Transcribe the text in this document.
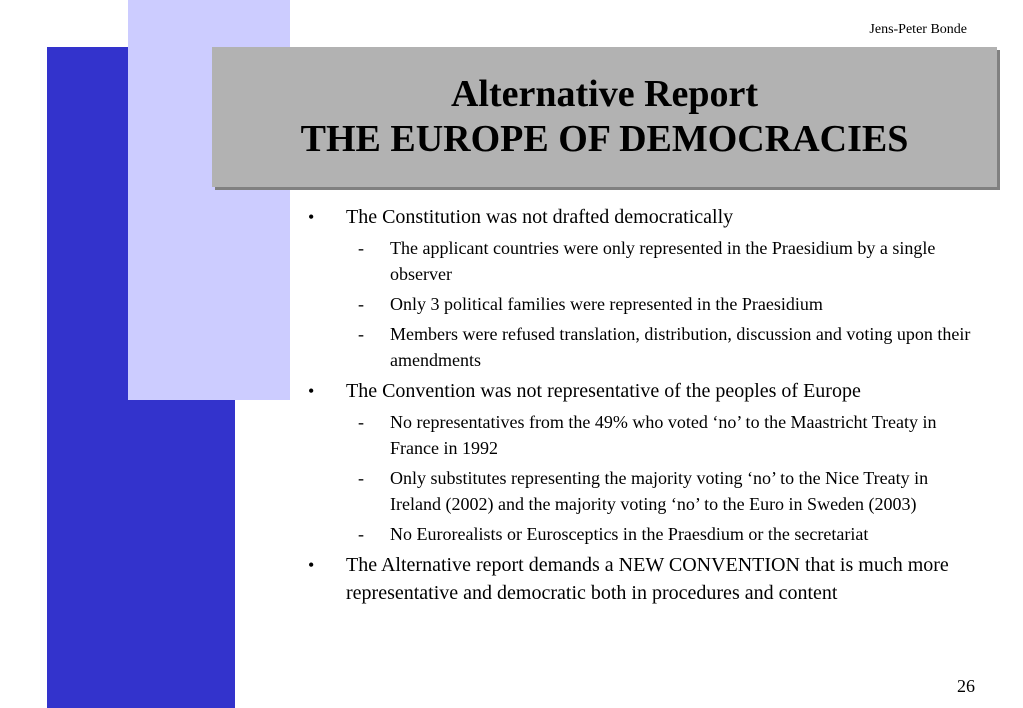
Jens-Peter Bonde
Alternative Report
THE EUROPE OF DEMOCRACIES
• The Constitution was not drafted democratically
- The applicant countries were only represented in the Praesidium by a single observer
- Only 3 political families were represented in the Praesidium
- Members were refused translation, distribution, discussion and voting upon their amendments
• The Convention was not representative of the peoples of Europe
- No representatives from the 49% who voted ‘no’ to the Maastricht Treaty in France in 1992
- Only substitutes representing the majority voting ‘no’ to the Nice Treaty in Ireland (2002) and the majority voting ‘no’ to the Euro in Sweden (2003)
- No Eurorealists or Eurosceptics in the Praesdium or the secretariat
• The Alternative report demands a NEW CONVENTION that is much more representative and democratic both in procedures and content
26
